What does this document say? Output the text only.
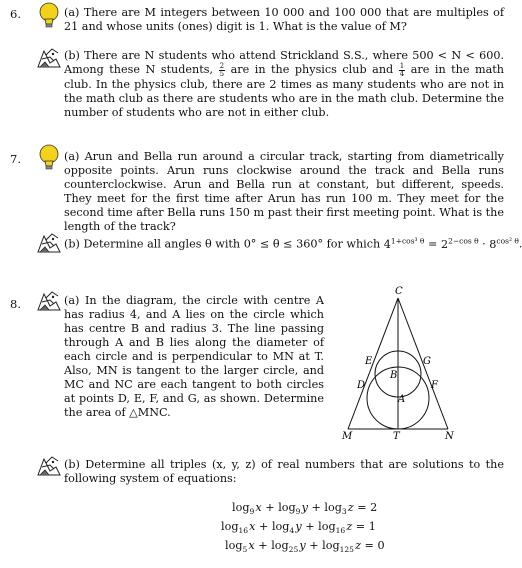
6.	(a) There are M integers between 10 000 and 100 000 that are multiples of 21 and whose units (ones) digit is 1. What is the value of M?

(b) There are N students who attend Strickland S.S., where 500 < N < 600. Among these N students, $\frac{2}{5}$ are in the physics club and $\frac{1}{4}$ are in the math club. In the physics club, there are 2 times as many students who are not in the math club as there are students who are in the math club. Determine the number of students who are not in either club.

7.	(a) Arun and Bella run around a circular track, starting from diametrically opposite points. Arun runs clockwise around the track and Bella runs counterclockwise. Arun and Bella run at constant, but different, speeds. They meet for the first time after Arun has run 100 m. They meet for the second time after Bella runs 150 m past their first meeting point. What is the length of the track?

(b) Determine all angles θ with 0° ≤ θ ≤ 360° for which $4^{1+cos^3 \theta} = 2^{2-cos \theta} \cdot 8^{cos^2 \theta}$
8.	(a) In the diagram, the circle with centre A has radius 4, and A lies on the circle which has centre B and radius 3. The line passing through A and B lies along the diameter of each circle and is perpendicular to MN at T. Also, MN is tangent to the larger circle, and MC and NC are each tangent to both circles at points D, E, F, and G, as shown. Determine the area of △MNC.

C
E	G
B
D	F
A
M	T	N

(b) Determine all triples (x, y, z) of real numbers that are solutions to the following system of equations:

$\log_9$ $x + \log_9$ $y + \log_3$ z = 2
$\log_{16}$ $x + \log_4$ $y + \log_{16}$ z = 1
$\log_5$ $x + \log_{25}$ $y + \log_{125}$ z = 0
